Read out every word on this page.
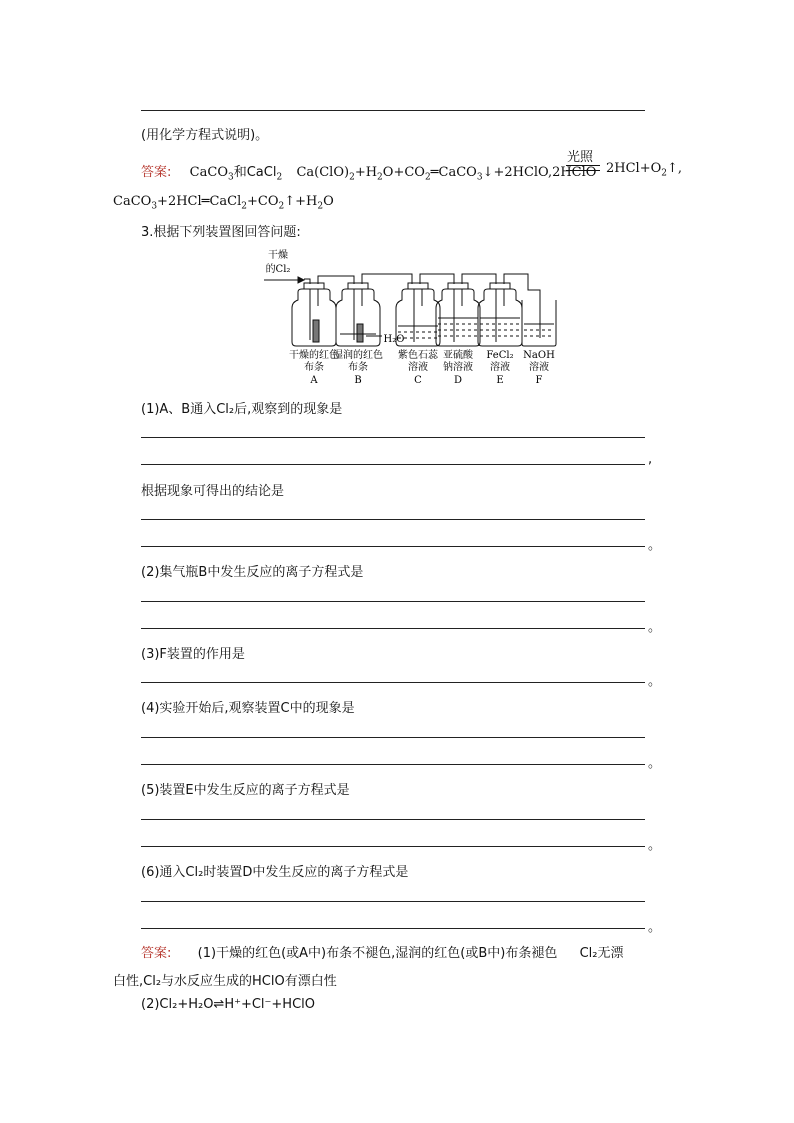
(用化学方程式说明)。
答案: CaCO$_3$和CaCl$_2$ $Ca(ClO)_2+H_2O+CO_2═CaCO_3↓+2HClO,2HClO$
光照
$2HCl+O_2↑$,
$CaCO_3+2HCl═CaCl_2+CO_2↑+H_2O$
3.根据下列装置图回答问题:
干燥
的Cl₂
H₂O
干燥的红色
布条
A
湿润的红色
布条
B
紫色石蕊
溶液
C
亚硫酸
钠溶液
D
FeCl₂
溶液
E
NaOH
溶液
F
(1)A、B通入Cl₂后,观察到的现象是
,
根据现象可得出的结论是
。
(2)集气瓶B中发生反应的离子方程式是
。
(3)F装置的作用是
。
(4)实验开始后,观察装置C中的现象是
。
(5)装置E中发生反应的离子方程式是
。
(6)通入Cl₂时装置D中发生反应的离子方程式是
。
答案: (1)干燥的红色(或A中)布条不褪色,湿润的红色(或B中)布条褪色 Cl₂无漂
白性,Cl₂与水反应生成的HClO有漂白性
(2)Cl₂+H₂O⇌H⁺+Cl⁻+HClO
